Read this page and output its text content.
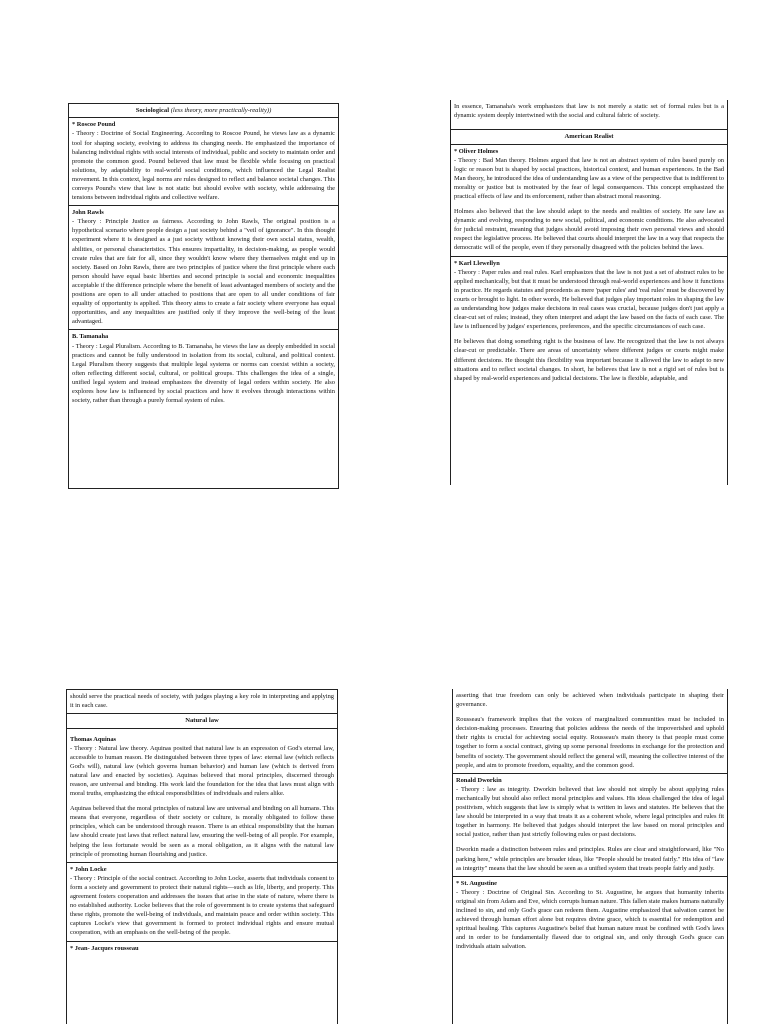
Sociological (less theory, more practically-reality))
* Roscoe Pound
- Theory : Doctrine of Social Engineering. According to Roscoe Pound, he views law as a dynamic tool for shaping society, evolving to address its changing needs. He emphasized the importance of balancing individual rights with social interests of individual, public and society to maintain order and promote the common good. Pound believed that law must be flexible while focusing on practical solutions, by adaptability to real-world social conditions, which influenced the Legal Realist movement. In this context, legal norms are rules designed to reflect and balance societal changes. This conveys Pound's view that law is not static but should evolve with society, while addressing the tensions between individual rights and collective welfare.
John Rawls
- Theory : Principle Justice as fairness. According to John Rawls, The original position is a hypothetical scenario where people design a just society behind a "veil of ignorance". In this thought experiment where it is designed as a just society without knowing their own social status, wealth, abilities, or personal characteristics. This ensures impartiality, in decision-making, as people would create rules that are fair for all, since they wouldn't know where they themselves might end up in society. Based on John Rawls, there are two principles of justice where the first principle where each person should have equal basic liberties and second principle is social and economic inequalities acceptable if the difference principle where the benefit of least advantaged members of society and the positions are open to all under attached to positions that are open to all under conditions of fair equality of opportunity is applied. This theory aims to create a fair society where everyone has equal opportunities, and any inequalities are justified only if they improve the well-being of the least advantaged.
B. Tamanaha
- Theory : Legal Pluralism. According to B. Tamanaha, he views the law as deeply embedded in social practices and cannot be fully understood in isolation from its social, cultural, and political context. Legal Pluralism theory suggests that multiple legal systems or norms can coexist within a society, often reflecting different social, cultural, or political groups. This challenges the idea of a single, unified legal system and instead emphasizes the diversity of legal orders within society. He also explores how law is influenced by social practices and how it evolves through interactions within society, rather than through a purely formal system of rules.
In essence, Tamanaha's work emphasizes that law is not merely a static set of formal rules but is a dynamic system deeply intertwined with the social and cultural fabric of society.
American Realist
* Oliver Holmes
- Theory : Bad Man theory. Holmes argued that law is not an abstract system of rules based purely on logic or reason but is shaped by social practices, historical context, and human experiences. In the Bad Man theory, he introduced the idea of understanding law as a view of the perspective that is indifferent to morality or justice but is motivated by the fear of legal consequences. This concept emphasized the practical effects of law and its enforcement, rather than abstract moral reasoning.
Holmes also believed that the law should adapt to the needs and realities of society. He saw law as dynamic and evolving, responding to new social, political, and economic conditions. He also advocated for judicial restraint, meaning that judges should avoid imposing their own personal views and should respect the legislative process. He believed that courts should interpret the law in a way that respects the democratic will of the people, even if they personally disagreed with the policies behind the laws.
* Karl Llewellyn
- Theory : Paper rules and real rules. Karl emphasizes that the law is not just a set of abstract rules to be applied mechanically, but that it must be understood through real-world experiences and how it functions in practice. He regards statutes and precedents as mere 'paper rules' and 'real rules' must be discovered by courts or brought to light. In other words, He believed that judges play important roles in shaping the law as understanding how judges make decisions in real cases was crucial, because judges don't just apply a clear-cut set of rules; instead, they often interpret and adapt the law based on the facts of each case. The law is influenced by judges' experiences, preferences, and the specific circumstances of each case.
He believes that doing something right is the business of law. He recognized that the law is not always clear-cut or predictable. There are areas of uncertainty where different judges or courts might make different decisions. He thought this flexibility was important because it allowed the law to adapt to new situations and to reflect societal changes. In short, he believes that law is not a rigid set of rules but is shaped by real-world experiences and judicial decisions. The law is flexible, adaptable, and
should serve the practical needs of society, with judges playing a key role in interpreting and applying it in each case.
Natural law
Thomas Aquinas
- Theory : Natural law theory. Aquinas posited that natural law is an expression of God's eternal law, accessible to human reason. He distinguished between three types of law: eternal law (which reflects God's will), natural law (which governs human behavior) and human law (which is derived from natural law and enacted by societies). Aquinas believed that moral principles, discerned through reason, are universal and binding. His work laid the foundation for the idea that laws must align with moral truths, emphasizing the ethical responsibilities of individuals and rulers alike.
Aquinas believed that the moral principles of natural law are universal and binding on all humans. This means that everyone, regardless of their society or culture, is morally obligated to follow these principles, which can be understood through reason. There is an ethical responsibility that the human law should create just laws that reflect natural law, ensuring the well-being of all people. For example, helping the less fortunate would be seen as a moral obligation, as it aligns with the natural law principle of promoting human flourishing and justice.
* John Locke
- Theory : Principle of the social contract. According to John Locke, asserts that individuals consent to form a society and government to protect their natural rights—such as life, liberty, and property. This agreement fosters cooperation and addresses the issues that arise in the state of nature, where there is no established authority. Locke believes that the role of government is to create systems that safeguard these rights, promote the well-being of individuals, and maintain peace and order within society. This captures Locke's view that government is formed to protect individual rights and ensure mutual cooperation, with an emphasis on the well-being of the people.
* Jean- Jacques rousseau
asserting that true freedom can only be achieved when individuals participate in shaping their governance.
Rousseau's framework implies that the voices of marginalized communities must be included in decision-making processes. Ensuring that policies address the needs of the impoverished and uphold their rights is crucial for achieving social equity. Rousseau's main theory is that people must come together to form a social contract, giving up some personal freedoms in exchange for the protection and benefits of society. The government should reflect the general will, meaning the collective interest of the people, and aim to promote freedom, equality, and the common good.
Ronald Dworkin
- Theory : law as integrity. Dworkin believed that law should not simply be about applying rules mechanically but should also reflect moral principles and values. His ideas challenged the idea of legal positivism, which suggests that law is simply what is written in laws and statutes. He believes that the law should be interpreted in a way that treats it as a coherent whole, where legal principles and rules fit together in harmony. He believed that judges should interpret the law based on moral principles and social justice, rather than just strictly following rules or past decisions.
Dworkin made a distinction between rules and principles. Rules are clear and straightforward, like "No parking here," while principles are broader ideas, like "People should be treated fairly." His idea of "law as integrity" means that the law should be seen as a unified system that treats people fairly and justly.
* St. Augustine
- Theory : Doctrine of Original Sin. According to St. Augustine, he argues that humanity inherits original sin from Adam and Eve, which corrupts human nature. This fallen state makes humans naturally inclined to sin, and only God's grace can redeem them. Augustine emphasized that salvation cannot be achieved through human effort alone but requires divine grace, which is essential for redemption and spiritual healing. This captures Augustine's belief that human nature must be confined with God's laws and in order to be fundamentally flawed due to original sin, and only through God's grace can individuals attain salvation.
